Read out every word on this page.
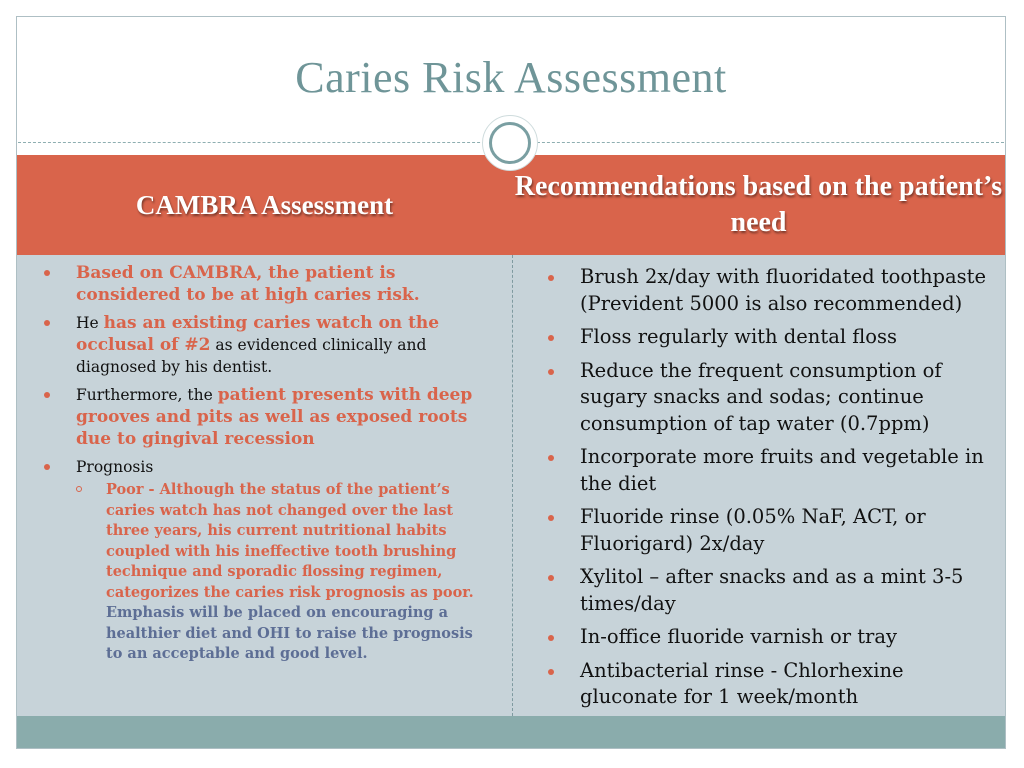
Caries Risk Assessment
CAMBRA Assessment
Recommendations based on the patient’s need
Based on CAMBRA, the patient is considered to be at high caries risk.
He has an existing caries watch on the occlusal of #2 as evidenced clinically and diagnosed by his dentist.
Furthermore, the patient presents with deep grooves and pits as well as exposed roots due to gingival recession
Prognosis
Poor - Although the status of the patient’s caries watch has not changed over the last three years, his current nutritional habits coupled with his ineffective tooth brushing technique and sporadic flossing regimen, categorizes the caries risk prognosis as poor. Emphasis will be placed on encouraging a healthier diet and OHI to raise the prognosis to an acceptable and good level.
Brush 2x/day with fluoridated toothpaste (Prevident 5000 is also recommended)
Floss regularly with dental floss
Reduce the frequent consumption of sugary snacks and sodas; continue consumption of tap water (0.7ppm)
Incorporate more fruits and vegetable in the diet
Fluoride rinse (0.05% NaF, ACT, or Fluorigard) 2x/day
Xylitol – after snacks and as a mint 3-5 times/day
In-office fluoride varnish or tray
Antibacterial rinse - Chlorhexine gluconate for 1 week/month
